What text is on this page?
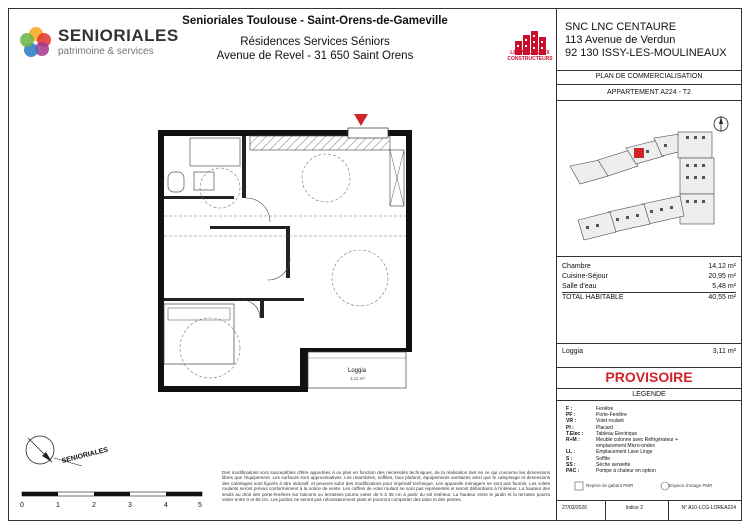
SENIORIALES
patrimoine & services
Senioriales Toulouse - Saint-Orens-de-Gameville
Résidences Services Séniors
Avenue de Revel - 31 650 Saint Orens	LES NOUVEAUX CONSTRUCTEURS
SNC LNC CENTAURE
113 Avenue de Verdun
92 130 ISSY-LES-MOULINEAUX
PLAN DE COMMERCIALISATION
APPARTEMENT A224 - T2
Chambre	14,12 m²
Cuisine-Séjour	20,95 m²
Salle d'eau	5,48 m²
TOTAL HABITABLE	40,55 m²
Loggia	3,11 m²
PROVISOIRE
LEGENDE
F :	Fenêtre
PF :	Porte-Fenêtre
VR :	Volet roulant
PI :	Placard
T.Elec :	Tableau Electrique
R+M :	Meuble colonne avec Réfrigérateur +
emplacement Micro-ondes
LL :	Emplacement Lave Linge
S :	Soffite
SS :	Sèche serviette
PAC :	Pompe à chaleur en option
Repère de gabarit PMR	Espace d'usage PMR
27/03/2026	Indice 2	N° A10-LCG-LOREA224
Loggia
3,11 m²
SENIORIALES
0	1	2	3	4	5
Des modifications sont susceptibles d'être apportées à ce plan en fonction des nécessités techniques, de la réalisation tant en ce qui concerne les dimensions libres que l'équipement. Les surfaces sont approximatives. Les retombées, soffites, faux plafond, équipements sanitaires ainsi que le calepinage et dimensions des carrelages sont figurés à titre indicatif, et peuvent subir des modifications pour impératif technique. Les appareils ménagers ne sont pas fournis. Les volets roulants seront prévus conformément à la notice de vente. Les coffres de volet roulant ne sont pas représentés et seront débordants à l'intérieur. La hauteur des seuils au droit des porte-fenêtres sur balcons ou terrasses pourra varier de 5 à 35 cm à partir du sol intérieur. La hauteur entre le jardin et la terrasse pourra varier entre 0 et 60 cm. Les jardins ne seront pas nécessairement plats et pourront comporter des talus et des pentes.
